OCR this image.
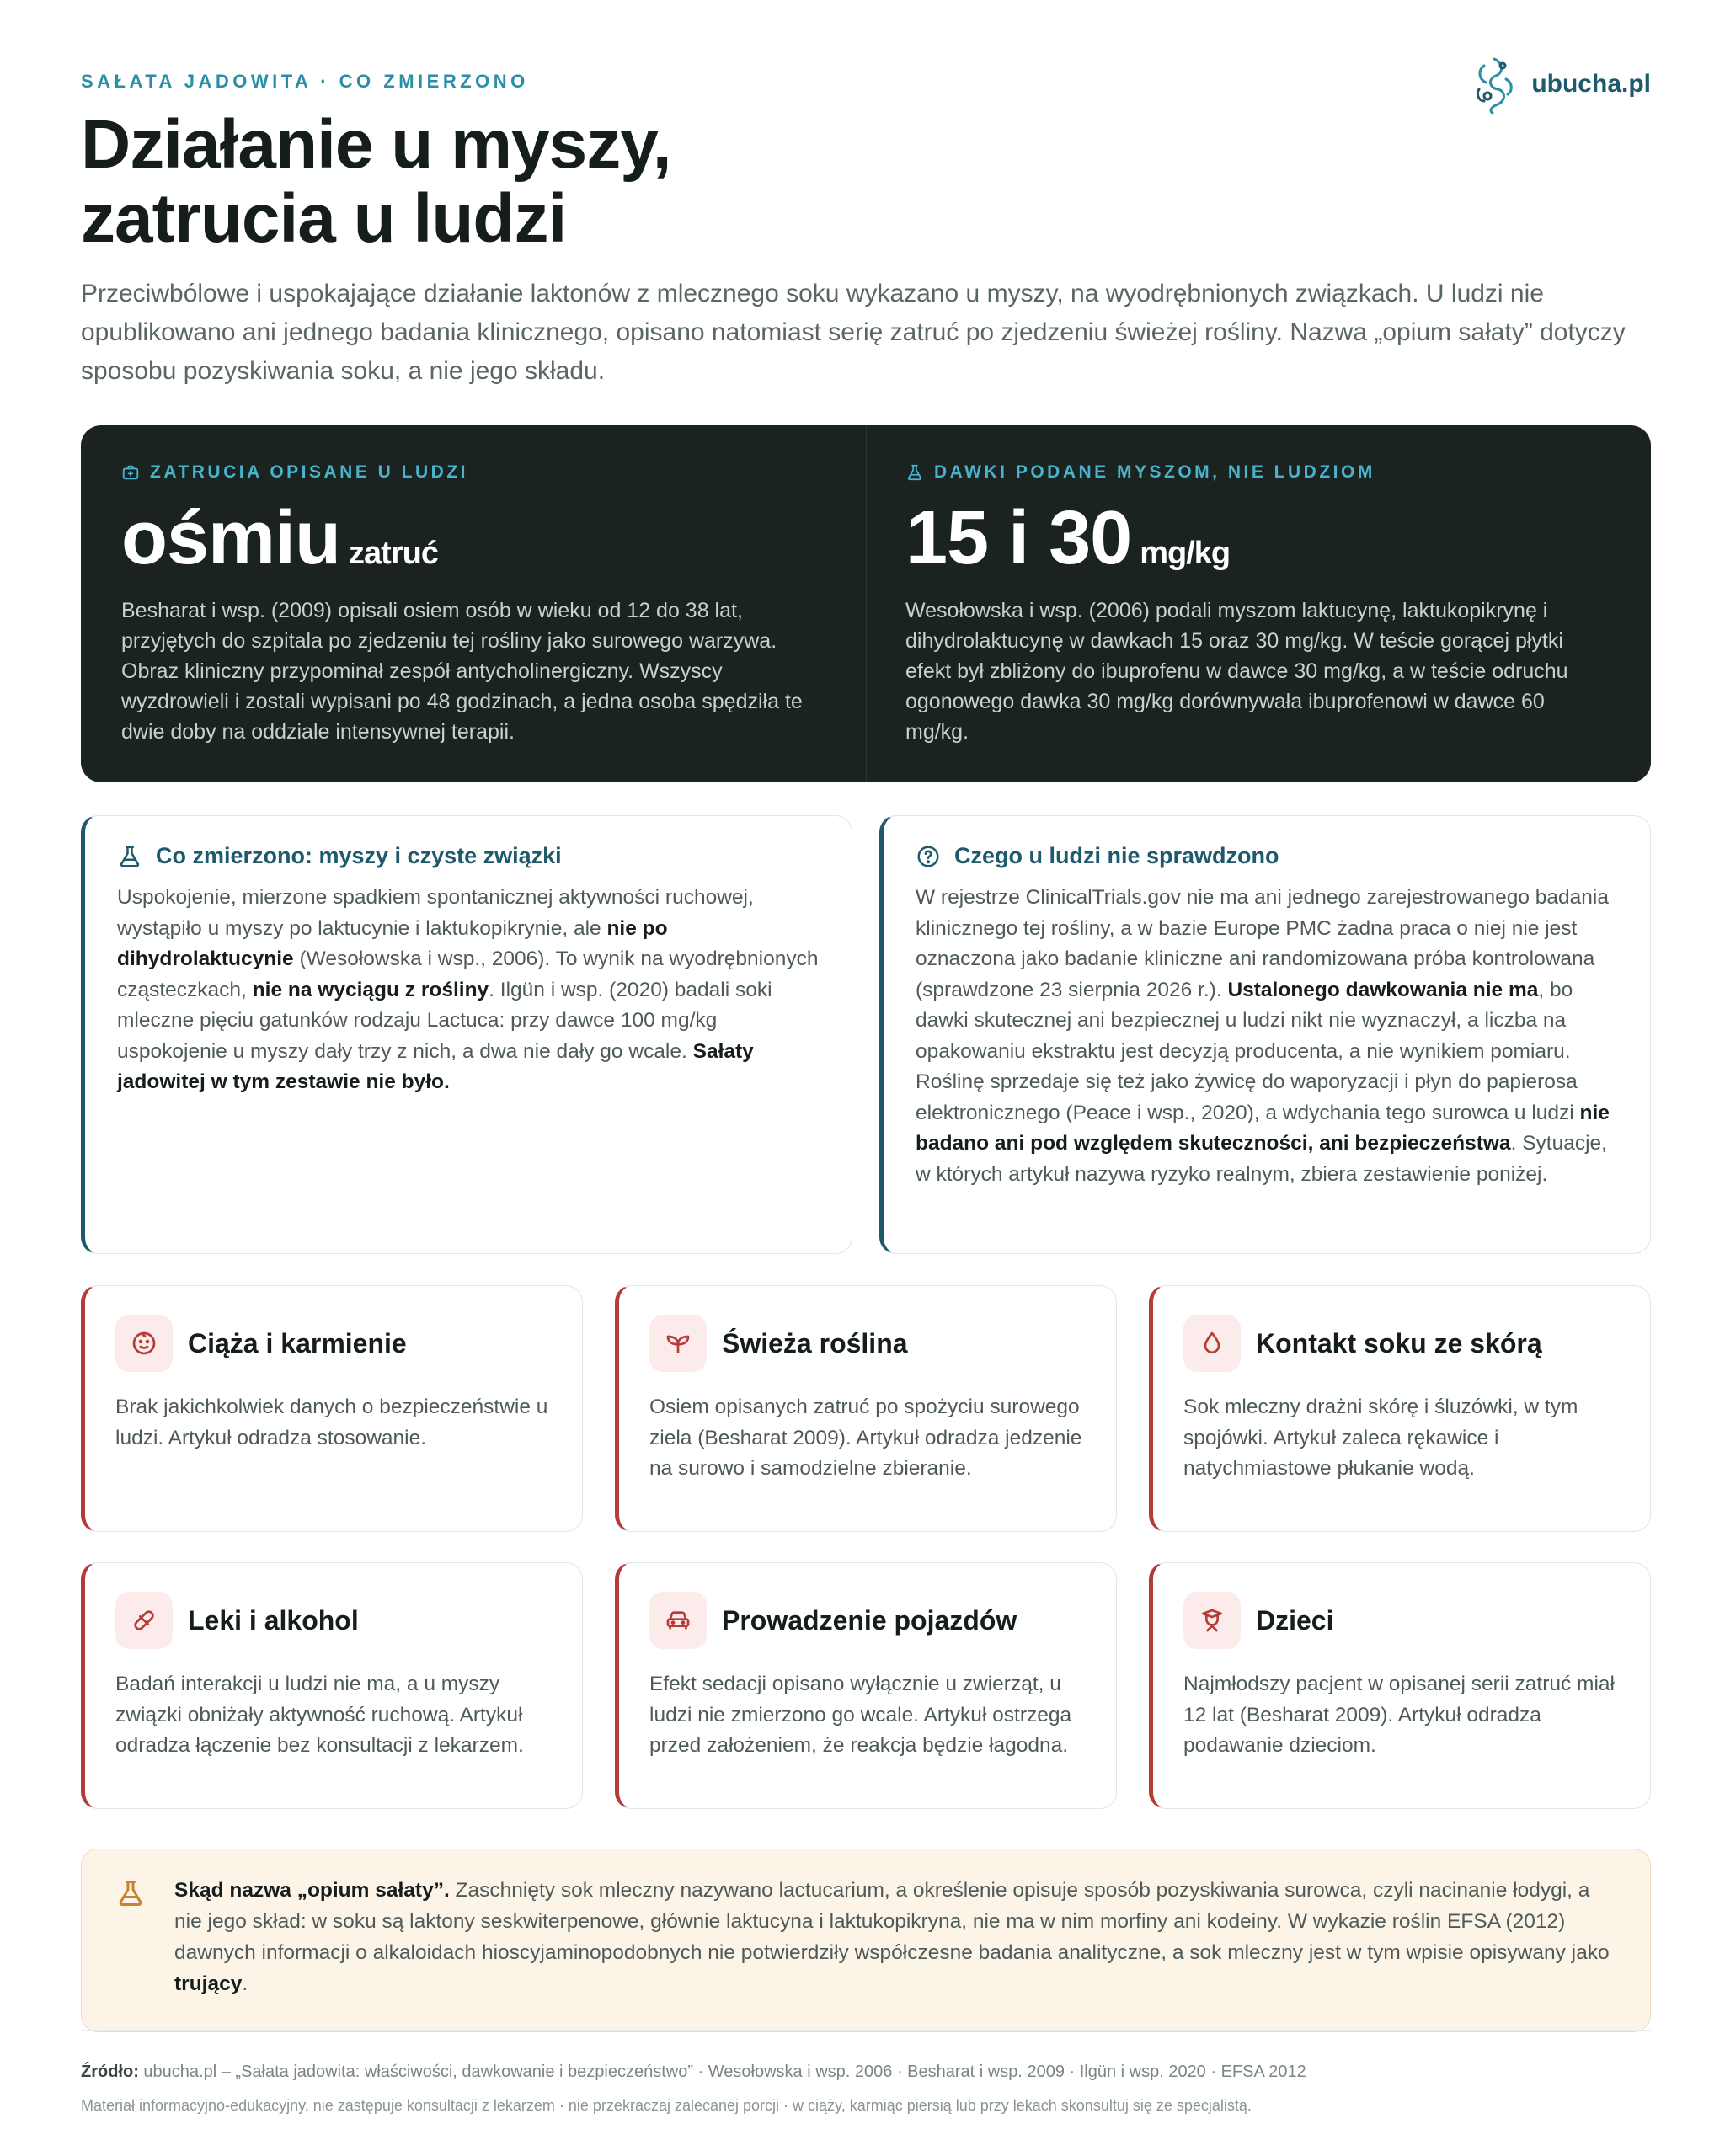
SAŁATA JADOWITA · CO ZMIERZONO
Działanie u myszy,
zatrucia u ludzi
ubucha.pl

Przeciwbólowe i uspokajające działanie laktonów z mlecznego soku wykazano u myszy, na wyodrębnionych związkach. U ludzi nie opublikowano ani jednego badania klinicznego, opisano natomiast serię zatruć po zjedzeniu świeżej rośliny. Nazwa „opium sałaty” dotyczy sposobu pozyskiwania soku, a nie jego składu.

ZATRUCIA OPISANE U LUDZI
ośmiu zatruć

Besharat i wsp. (2009) opisali osiem osób w wieku od 12 do 38 lat, przyjętych do szpitala po zjedzeniu tej rośliny jako surowego warzywa. Obraz kliniczny przypominał zespół antycholinergiczny. Wszyscy wyzdrowieli i zostali wypisani po 48 godzinach, a jedna osoba spędziła te dwie doby na oddziale intensywnej terapii.

DAWKI PODANE MYSZOM, NIE LUDZIOM
15 i 30 mg/kg

Wesołowska i wsp. (2006) podali myszom laktucynę, laktukopikrynę i dihydrolaktucynę w dawkach 15 oraz 30 mg/kg. W teście gorącej płytki efekt był zbliżony do ibuprofenu w dawce 30 mg/kg, a w teście odruchu ogonowego dawka 30 mg/kg dorównywała ibuprofenowi w dawce 60 mg/kg.

Co zmierzono: myszy i czyste związki

Uspokojenie, mierzone spadkiem spontanicznej aktywności ruchowej, wystąpiło u myszy po laktucynie i laktukopikrynie, ale nie po dihydrolaktucynie (Wesołowska i wsp., 2006). To wynik na wyodrębnionych cząsteczkach, nie na wyciągu z rośliny. Ilgün i wsp. (2020) badali soki mleczne pięciu gatunków rodzaju Lactuca: przy dawce 100 mg/kg uspokojenie u myszy dały trzy z nich, a dwa nie dały go wcale. Sałaty jadowitej w tym zestawie nie było.

Czego u ludzi nie sprawdzono

W rejestrze ClinicalTrials.gov nie ma ani jednego zarejestrowanego badania klinicznego tej rośliny, a w bazie Europe PMC żadna praca o niej nie jest oznaczona jako badanie kliniczne ani randomizowana próba kontrolowana (sprawdzone 23 sierpnia 2026 r.). Ustalonego dawkowania nie ma, bo dawki skutecznej ani bezpiecznej u ludzi nikt nie wyznaczył, a liczba na opakowaniu ekstraktu jest decyzją producenta, a nie wynikiem pomiaru. Roślinę sprzedaje się też jako żywicę do waporyzacji i płyn do papierosa elektronicznego (Peace i wsp., 2020), a wdychania tego surowca u ludzi nie badano ani pod względem skuteczności, ani bezpieczeństwa. Sytuacje, w których artykuł nazywa ryzyko realnym, zbiera zestawienie poniżej.

Ciąża i karmienie

Brak jakichkolwiek danych o bezpieczeństwie u ludzi. Artykuł odradza stosowanie.

Świeża roślina

Osiem opisanych zatruć po spożyciu surowego ziela (Besharat 2009). Artykuł odradza jedzenie na surowo i samodzielne zbieranie.

Kontakt soku ze skórą

Sok mleczny drażni skórę i śluzówki, w tym spojówki. Artykuł zaleca rękawice i natychmiastowe płukanie wodą.

Leki i alkohol

Badań interakcji u ludzi nie ma, a u myszy związki obniżały aktywność ruchową. Artykuł odradza łączenie bez konsultacji z lekarzem.

Prowadzenie pojazdów

Efekt sedacji opisano wyłącznie u zwierząt, u ludzi nie zmierzono go wcale. Artykuł ostrzega przed założeniem, że reakcja będzie łagodna.

Dzieci

Najmłodszy pacjent w opisanej serii zatruć miał 12 lat (Besharat 2009). Artykuł odradza podawanie dzieciom.

Skąd nazwa „opium sałaty”. Zaschnięty sok mleczny nazywano lactucarium, a określenie opisuje sposób pozyskiwania surowca, czyli nacinanie łodygi, a nie jego skład: w soku są laktony seskwiterpenowe, głównie laktucyna i laktukopikryna, nie ma w nim morfiny ani kodeiny. W wykazie roślin EFSA (2012) dawnych informacji o alkaloidach hioscyjaminopodobnych nie potwierdziły współczesne badania analityczne, a sok mleczny jest w tym wpisie opisywany jako trujący.

Źródło: ubucha.pl – „Sałata jadowita: właściwości, dawkowanie i bezpieczeństwo” · Wesołowska i wsp. 2006 · Besharat i wsp. 2009 · Ilgün i wsp. 2020 · EFSA 2012

Materiał informacyjno-edukacyjny, nie zastępuje konsultacji z lekarzem · nie przekraczaj zalecanej porcji · w ciąży, karmiąc piersią lub przy lekach skonsultuj się ze specjalistą.
